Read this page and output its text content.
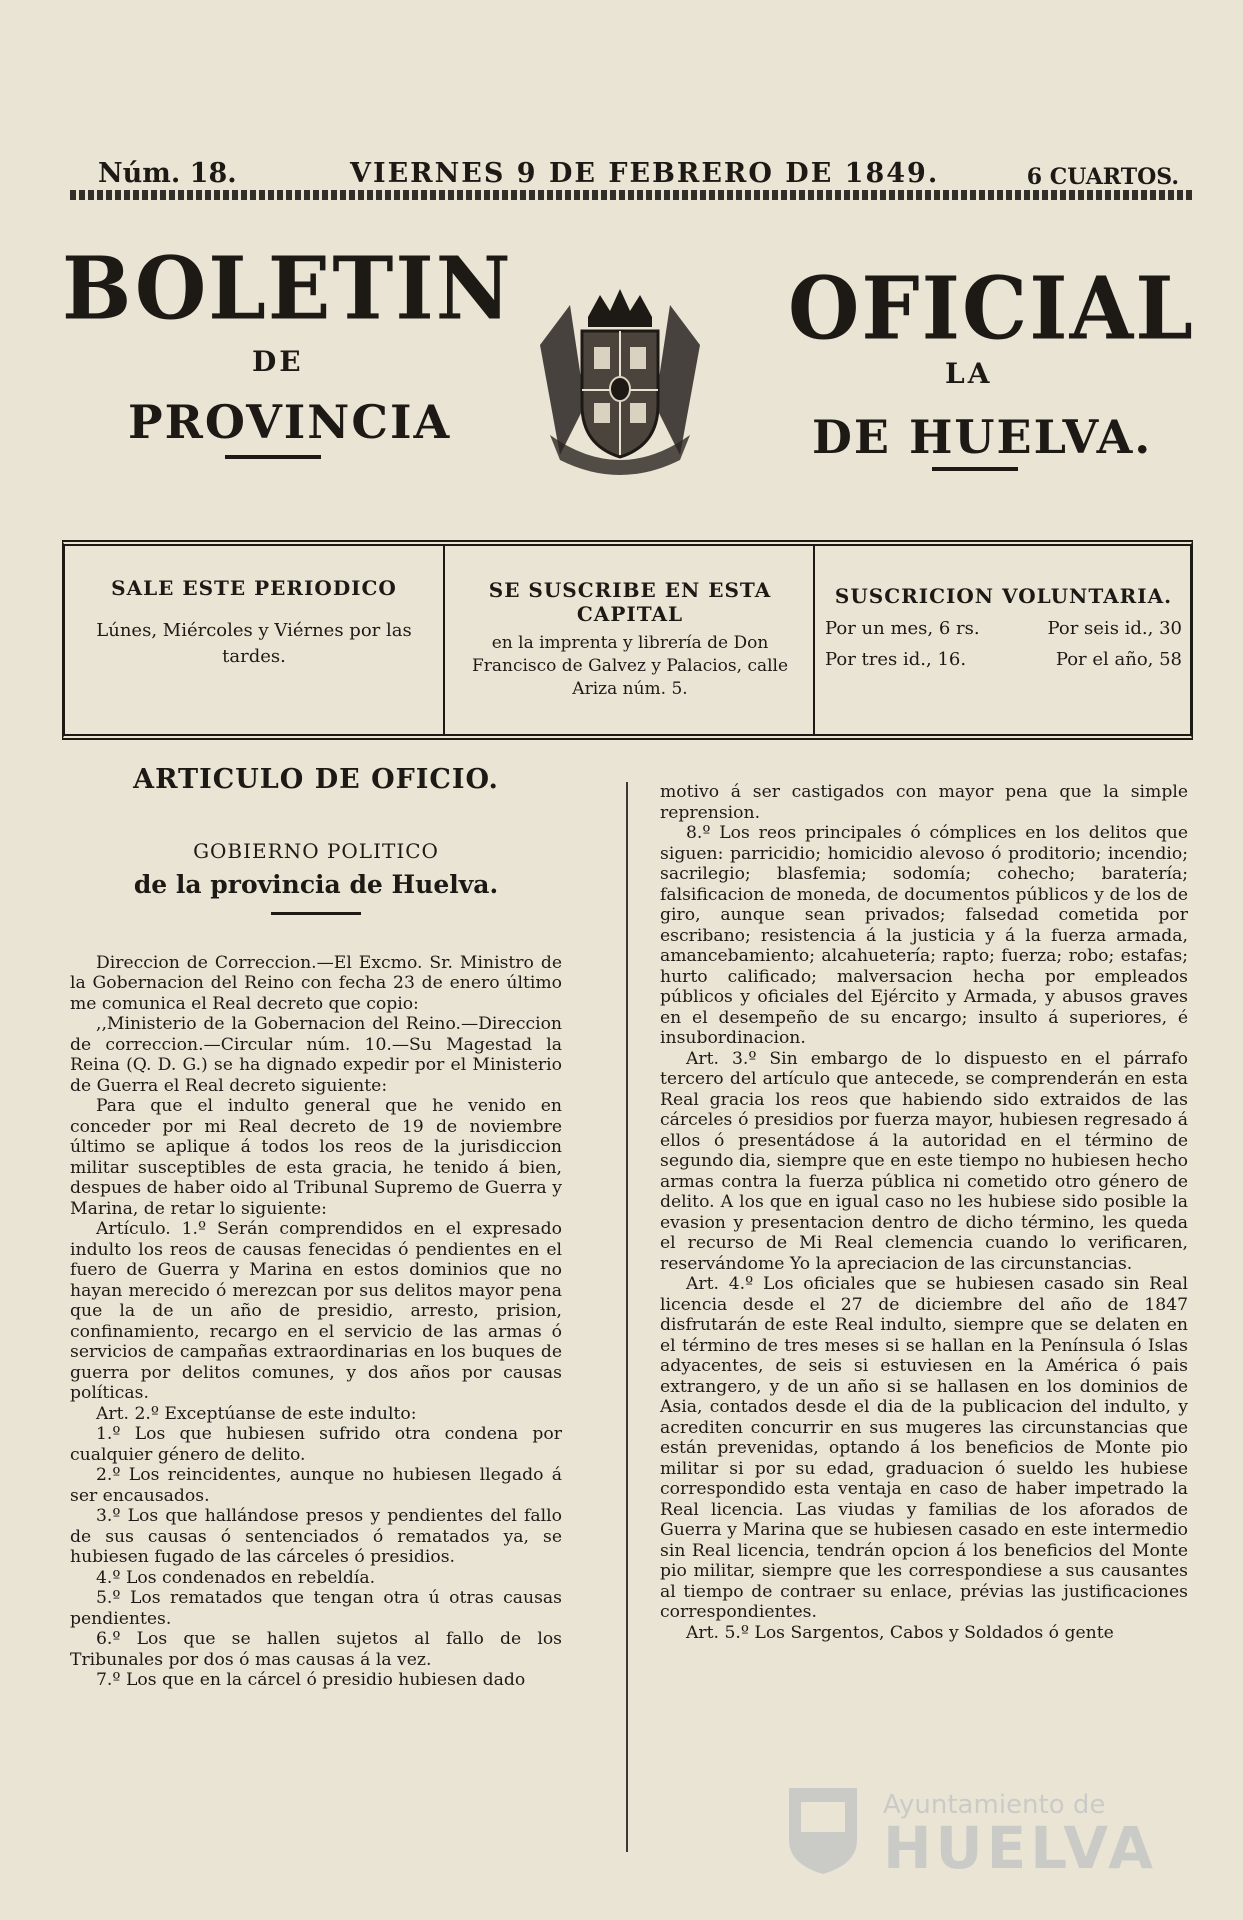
Núm. 18.	VIERNES 9 DE FEBRERO DE 1849.	6 CUARTOS.
BOLETIN	OFICIAL
DE	LA
PROVINCIA	DE HUELVA.
SALE ESTE PERIODICO
Lúnes, Miércoles y Viérnes por las tardes.
SE SUSCRIBE EN ESTA CAPITAL
en la imprenta y librería de Don Francisco de Galvez y Palacios, calle Ariza núm. 5.
SUSCRICION VOLUNTARIA.
Por un mes, 6 rs.	Por seis id., 30
Por tres id., 16.	Por el año, 58
ARTICULO DE OFICIO.
GOBIERNO POLITICO
de la provincia de Huelva.

Direccion de Correccion.—El Excmo. Sr. Ministro de la Gobernacion del Reino con fecha 23 de enero último me comunica el Real decreto que copio:

,,Ministerio de la Gobernacion del Reino.—Direccion de correccion.—Circular núm. 10.—Su Magestad la Reina (Q. D. G.) se ha dignado expedir por el Ministerio de Guerra el Real decreto siguiente:

Para que el indulto general que he venido en conceder por mi Real decreto de 19 de noviembre último se aplique á todos los reos de la jurisdiccion militar susceptibles de esta gracia, he tenido á bien, despues de haber oido al Tribunal Supremo de Guerra y Marina, de retar lo siguiente:

Artículo. 1.º Serán comprendidos en el expresado indulto los reos de causas fenecidas ó pendientes en el fuero de Guerra y Marina en estos dominios que no hayan merecido ó merezcan por sus delitos mayor pena que la de un año de presidio, arresto, prision, confinamiento, recargo en el servicio de las armas ó servicios de campañas extraordinarias en los buques de guerra por delitos comunes, y dos años por causas políticas.

Art. 2.º Exceptúanse de este indulto:

1.º Los que hubiesen sufrido otra condena por cualquier género de delito.

2.º Los reincidentes, aunque no hubiesen llegado á ser encausados.

3.º Los que hallándose presos y pendientes del fallo de sus causas ó sentenciados ó rematados ya, se hubiesen fugado de las cárceles ó presidios.

4.º Los condenados en rebeldía.

5.º Los rematados que tengan otra ú otras causas pendientes.

6.º Los que se hallen sujetos al fallo de los Tribunales por dos ó mas causas á la vez.

7.º Los que en la cárcel ó presidio hubiesen dado

motivo á ser castigados con mayor pena que la simple reprension.

8.º Los reos principales ó cómplices en los delitos que siguen: parricidio; homicidio alevoso ó proditorio; incendio; sacrilegio; blasfemia; sodomía; cohecho; baratería; falsificacion de moneda, de documentos públicos y de los de giro, aunque sean privados; falsedad cometida por escribano; resistencia á la justicia y á la fuerza armada, amancebamiento; alcahuetería; rapto; fuerza; robo; estafas; hurto calificado; malversacion hecha por empleados públicos y oficiales del Ejército y Armada, y abusos graves en el desempeño de su encargo; insulto á superiores, é insubordinacion.

Art. 3.º Sin embargo de lo dispuesto en el párrafo tercero del artículo que antecede, se comprenderán en esta Real gracia los reos que habiendo sido extraidos de las cárceles ó presidios por fuerza mayor, hubiesen regresado á ellos ó presentádose á la autoridad en el término de segundo dia, siempre que en este tiempo no hubiesen hecho armas contra la fuerza pública ni cometido otro género de delito. A los que en igual caso no les hubiese sido posible la evasion y presentacion dentro de dicho término, les queda el recurso de Mi Real clemencia cuando lo verificaren, reservándome Yo la apreciacion de las circunstancias.

Art. 4.º Los oficiales que se hubiesen casado sin Real licencia desde el 27 de diciembre del año de 1847 disfrutarán de este Real indulto, siempre que se delaten en el término de tres meses si se hallan en la Península ó Islas adyacentes, de seis si estuviesen en la América ó pais extrangero, y de un año si se hallasen en los dominios de Asia, contados desde el dia de la publicacion del indulto, y acrediten concurrir en sus mugeres las circunstancias que están prevenidas, optando á los beneficios de Monte pio militar si por su edad, graduacion ó sueldo les hubiese correspondido esta ventaja en caso de haber impetrado la Real licencia. Las viudas y familias de los aforados de Guerra y Marina que se hubiesen casado en este intermedio sin Real licencia, tendrán opcion á los beneficios del Monte pio militar, siempre que les correspondiese a sus causantes al tiempo de contraer su enlace, prévias las justificaciones correspondientes.

Art. 5.º Los Sargentos, Cabos y Soldados ó gente

Ayuntamiento de
HUELVA
